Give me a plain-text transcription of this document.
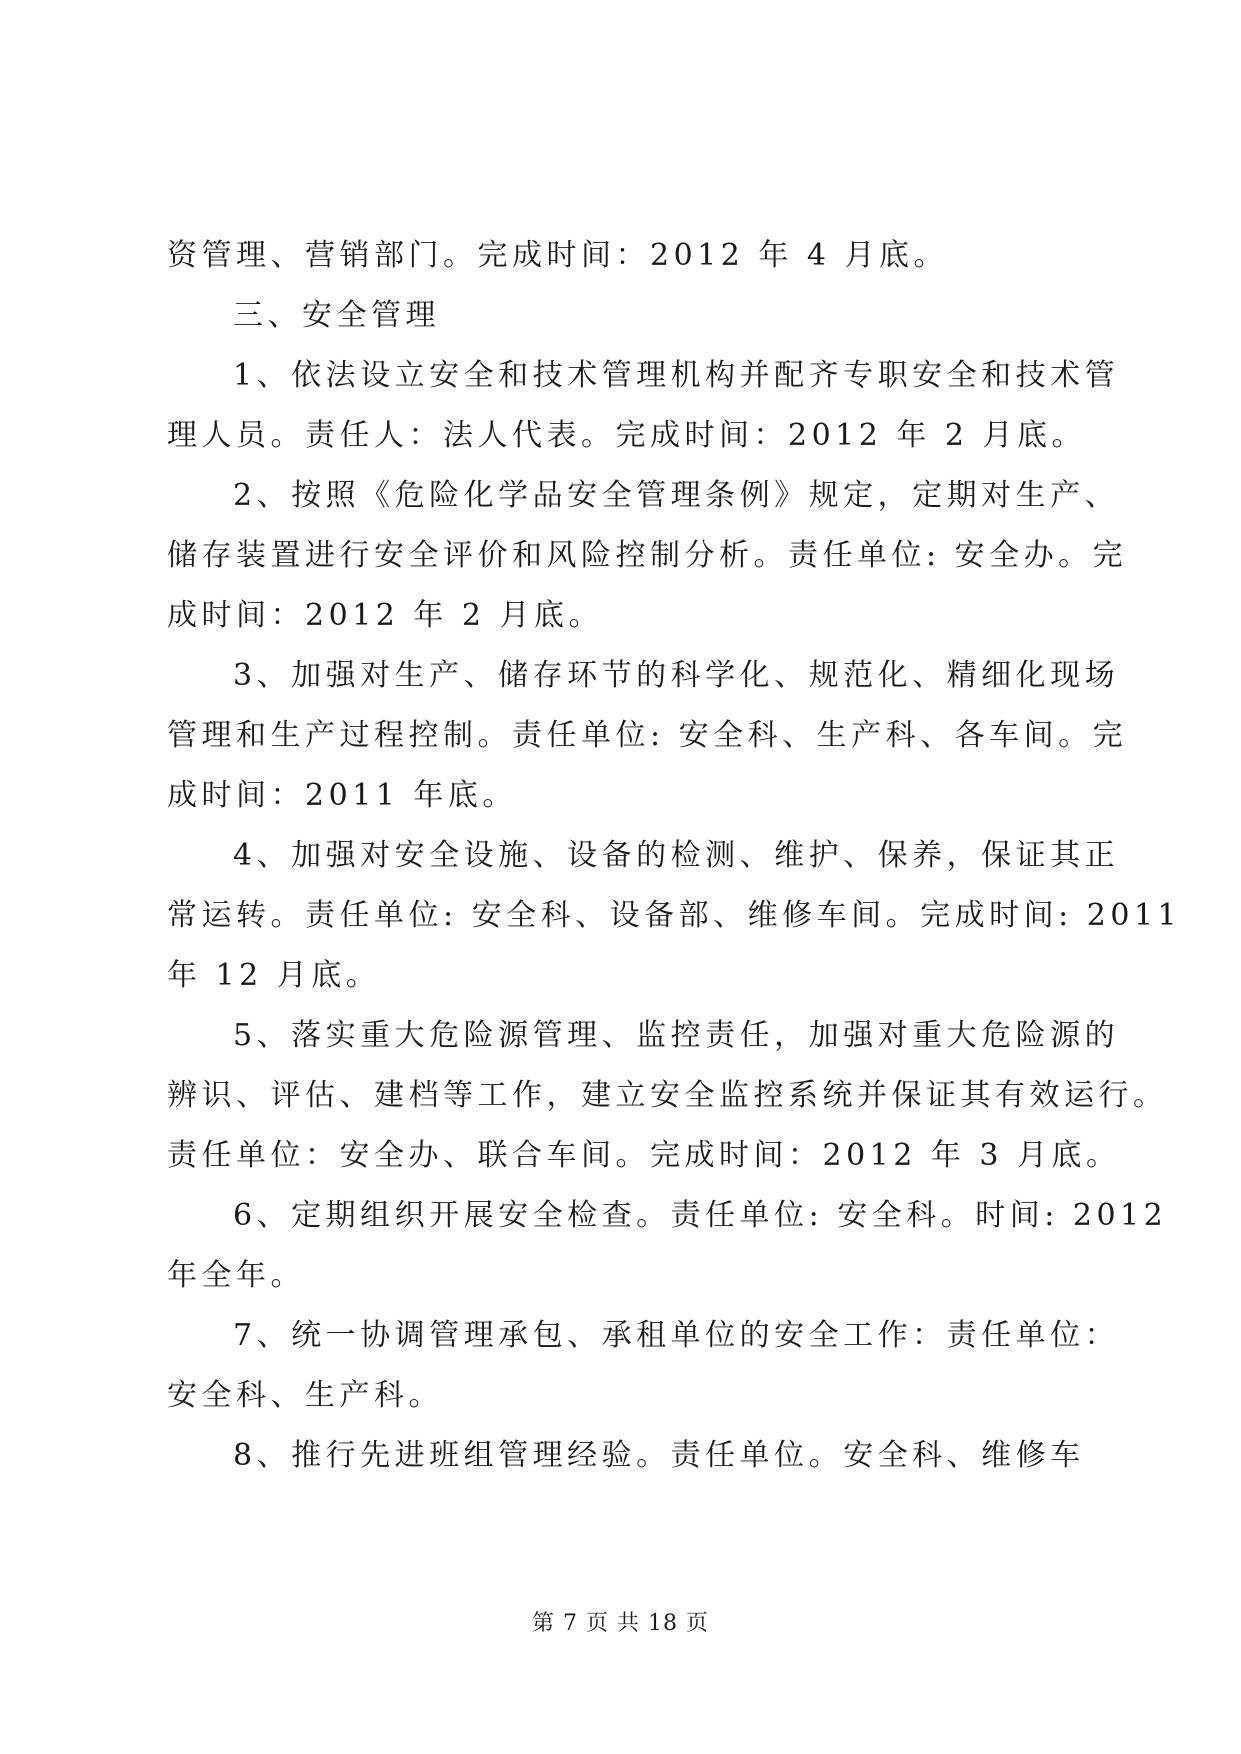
资管理、营销部门。完成时间：2012 年 4 月底。
三、安全管理
1、依法设立安全和技术管理机构并配齐专职安全和技术管
理人员。责任人：法人代表。完成时间：2012 年 2 月底。
2、按照《危险化学品安全管理条例》规定，定期对生产、
储存装置进行安全评价和风险控制分析。责任单位: 安全办。完
成时间：2012 年 2 月底。
3、加强对生产、储存环节的科学化、规范化、精细化现场
管理和生产过程控制。责任单位: 安全科、生产科、各车间。完
成时间：2011 年底。
4、加强对安全设施、设备的检测、维护、保养，保证其正
常运转。责任单位: 安全科、设备部、维修车间。完成时间: 2011
年 12 月底。
5、落实重大危险源管理、监控责任，加强对重大危险源的
辨识、评估、建档等工作，建立安全监控系统并保证其有效运行。
责任单位：安全办、联合车间。完成时间：2012 年 3 月底。
6、定期组织开展安全检查。责任单位: 安全科。时间: 2012
年全年。
7、统一协调管理承包、承租单位的安全工作：责任单位：
安全科、生产科。
8、推行先进班组管理经验。责任单位。安全科、维修车
第 7 页 共 18 页
